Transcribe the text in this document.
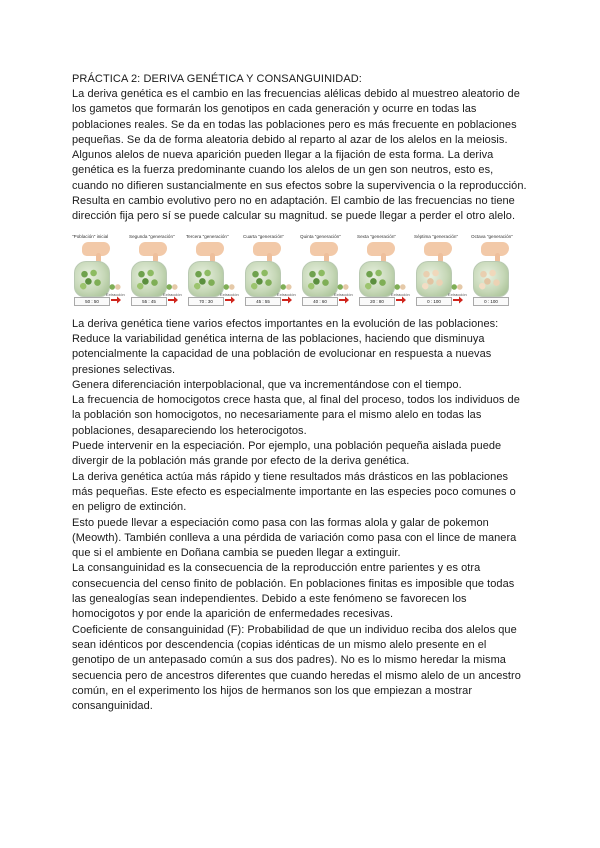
PRÁCTICA 2: DERIVA GENÉTICA Y CONSANGUINIDAD:

La deriva genética es el cambio en las frecuencias alélicas debido al muestreo aleatorio de los gametos que formarán los genotipos en cada generación y ocurre en todas las poblaciones reales. Se da en todas las poblaciones pero es más frecuente en poblaciones pequeñas. Se da de forma aleatoria debido al reparto al azar de los alelos en la meiosis. Algunos alelos de nueva aparición pueden llegar a la fijación de esta forma. La deriva genética es la fuerza predominante cuando los alelos de un gen son neutros, esto es, cuando no difieren sustancialmente en sus efectos sobre la supervivencia o la reproducción. Resulta en cambio evolutivo pero no en adaptación. El cambio de las frecuencias no tiene dirección fija pero sí se puede calcular su magnitud. se puede llegar a perder el otro alelo.

"Población" inicial
50 : 50
Extracción
Segunda "generación"
55 : 45
Extracción
Tercera "generación"
70 : 30
Extracción
Cuarta "generación"
45 : 55
Extracción
Quinta "generación"
40 : 60
Extracción
Sexta "generación"
20 : 80
Extracción
Séptima "generación"
0 : 100
Extracción
Octava "generación"
0 : 100

La deriva genética tiene varios efectos importantes en la evolución de las poblaciones:

Reduce la variabilidad genética interna de las poblaciones, haciendo que disminuya potencialmente la capacidad de una población de evolucionar en respuesta a nuevas presiones selectivas.

Genera diferenciación interpoblacional, que va incrementándose con el tiempo.

La frecuencia de homocigotos crece hasta que, al final del proceso, todos los individuos de la población son homocigotos, no necesariamente para el mismo alelo en todas las poblaciones, desapareciendo los heterocigotos.

Puede intervenir en la especiación. Por ejemplo, una población pequeña aislada puede divergir de la población más grande por efecto de la deriva genética.

La deriva genética actúa más rápido y tiene resultados más drásticos en las poblaciones más pequeñas. Este efecto es especialmente importante en las especies poco comunes o en peligro de extinción.

Esto puede llevar a especiación como pasa con las formas alola y galar de pokemon (Meowth). También conlleva a una pérdida de variación como pasa con el lince de manera que si el ambiente en Doñana cambia se pueden llegar a extinguir.

La consanguinidad es la consecuencia de la reproducción entre parientes y es otra consecuencia del censo finito de población. En poblaciones finitas es imposible que todas las genealogías sean independientes. Debido a este fenómeno se favorecen los homocigotos y por ende la aparición de enfermedades recesivas.

Coeficiente de consanguinidad (F): Probabilidad de que un individuo reciba dos alelos que sean idénticos por descendencia (copias idénticas de un mismo alelo presente en el genotipo de un antepasado común a sus dos padres). No es lo mismo heredar la misma secuencia pero de ancestros diferentes que cuando heredas el mismo alelo de un ancestro común, en el experimento los hijos de hermanos son los que empiezan a mostrar consanguinidad.
